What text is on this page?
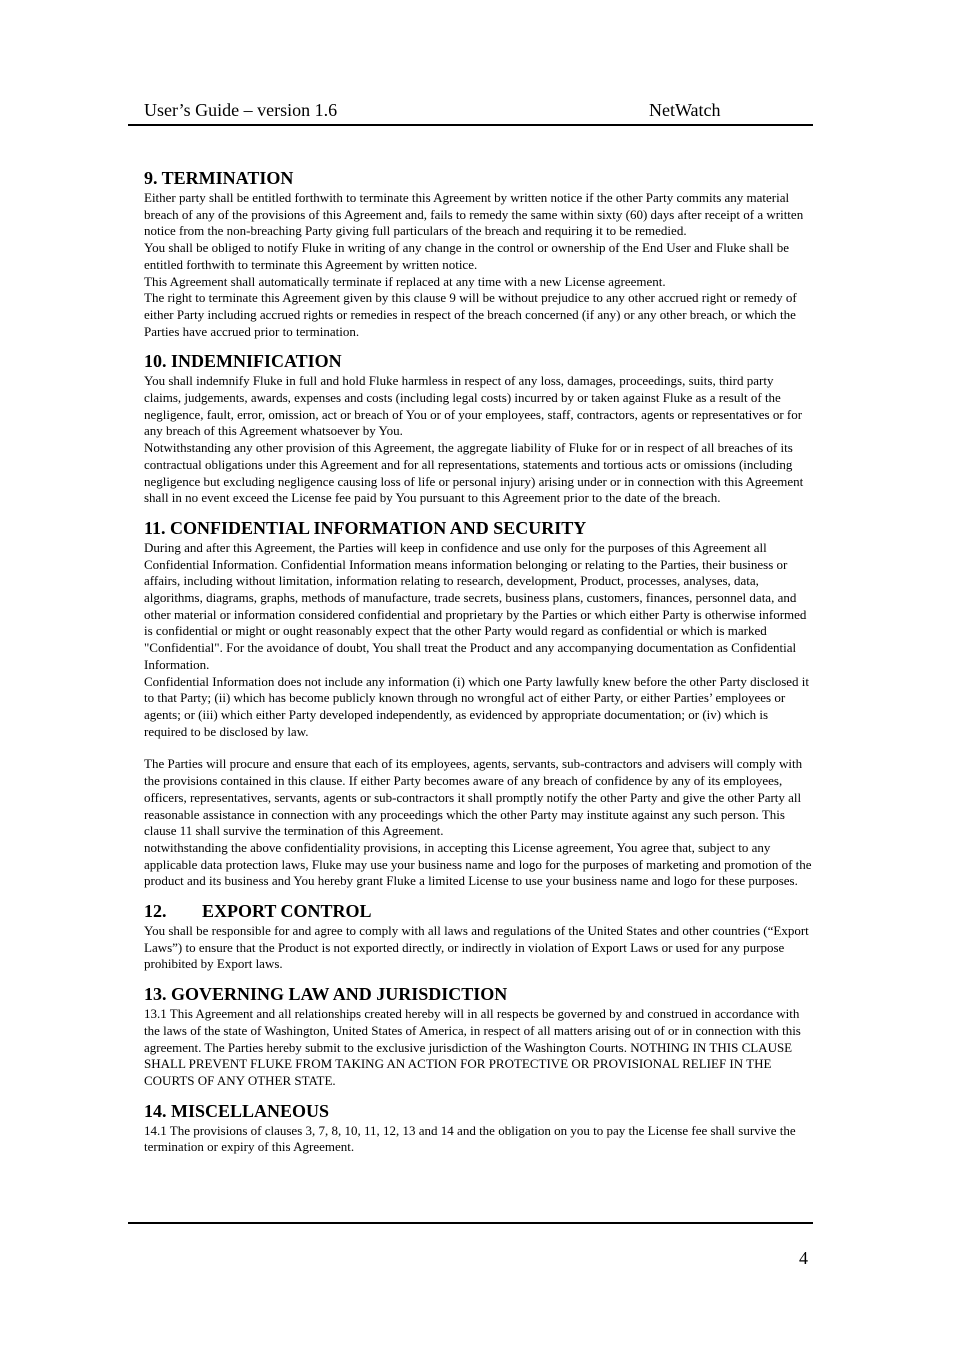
User’s Guide – version 1.6	NetWatch
9. TERMINATION

Either party shall be entitled forthwith to terminate this Agreement by written notice if the other Party commits any material breach of any of the provisions of this Agreement and, fails to remedy the same within sixty (60) days after receipt of a written notice from the non-breaching Party giving full particulars of the breach and requiring it to be remedied.

You shall be obliged to notify Fluke in writing of any change in the control or ownership of the End User and Fluke shall be entitled forthwith to terminate this Agreement by written notice.

This Agreement shall automatically terminate if replaced at any time with a new License agreement.

The right to terminate this Agreement given by this clause 9 will be without prejudice to any other accrued right or remedy of either Party including accrued rights or remedies in respect of the breach concerned (if any) or any other breach, or which the Parties have accrued prior to termination.

10. INDEMNIFICATION

You shall indemnify Fluke in full and hold Fluke harmless in respect of any loss, damages, proceedings, suits, third party claims, judgements, awards, expenses and costs (including legal costs) incurred by or taken against Fluke as a result of the negligence, fault, error, omission, act or breach of You or of your employees, staff, contractors, agents or representatives or for any breach of this Agreement whatsoever by You.

Notwithstanding any other provision of this Agreement, the aggregate liability of Fluke for or in respect of all breaches of its contractual obligations under this Agreement and for all representations, statements and tortious acts or omissions (including negligence but excluding negligence causing loss of life or personal injury) arising under or in connection with this Agreement shall in no event exceed the License fee paid by You pursuant to this Agreement prior to the date of the breach.

11. CONFIDENTIAL INFORMATION AND SECURITY

During and after this Agreement, the Parties will keep in confidence and use only for the purposes of this Agreement all Confidential Information. Confidential Information means information belonging or relating to the Parties, their business or affairs, including without limitation, information relating to research, development, Product, processes, analyses, data, algorithms, diagrams, graphs, methods of manufacture, trade secrets, business plans, customers, finances, personnel data, and other material or information considered confidential and proprietary by the Parties or which either Party is otherwise informed is confidential or might or ought reasonably expect that the other Party would regard as confidential or which is marked "Confidential". For the avoidance of doubt, You shall treat the Product and any accompanying documentation as Confidential Information.

Confidential Information does not include any information (i) which one Party lawfully knew before the other Party disclosed it to that Party; (ii) which has become publicly known through no wrongful act of either Party, or either Parties’ employees or agents; or (iii) which either Party developed independently, as evidenced by appropriate documentation; or (iv) which is required to be disclosed by law.

The Parties will procure and ensure that each of its employees, agents, servants, sub-contractors and advisers will comply with the provisions contained in this clause. If either Party becomes aware of any breach of confidence by any of its employees, officers, representatives, servants, agents or sub-contractors it shall promptly notify the other Party and give the other Party all reasonable assistance in connection with any proceedings which the other Party may institute against any such person. This clause 11 shall survive the termination of this Agreement.

notwithstanding the above confidentiality provisions, in accepting this License agreement, You agree that, subject to any applicable data protection laws, Fluke may use your business name and logo for the purposes of marketing and promotion of the product and its business and You hereby grant Fluke a limited License to use your business name and logo for these purposes.

12. EXPORT CONTROL

You shall be responsible for and agree to comply with all laws and regulations of the United States and other countries (“Export Laws”) to ensure that the Product is not exported directly, or indirectly in violation of Export Laws or used for any purpose prohibited by Export laws.

13. GOVERNING LAW AND JURISDICTION

13.1 This Agreement and all relationships created hereby will in all respects be governed by and construed in accordance with the laws of the state of Washington, United States of America, in respect of all matters arising out of or in connection with this agreement. The Parties hereby submit to the exclusive jurisdiction of the Washington Courts. NOTHING IN THIS CLAUSE SHALL PREVENT FLUKE FROM TAKING AN ACTION FOR PROTECTIVE OR PROVISIONAL RELIEF IN THE COURTS OF ANY OTHER STATE.

14. MISCELLANEOUS

14.1 The provisions of clauses 3, 7, 8, 10, 11, 12, 13 and 14 and the obligation on you to pay the License fee shall survive the termination or expiry of this Agreement.

4
